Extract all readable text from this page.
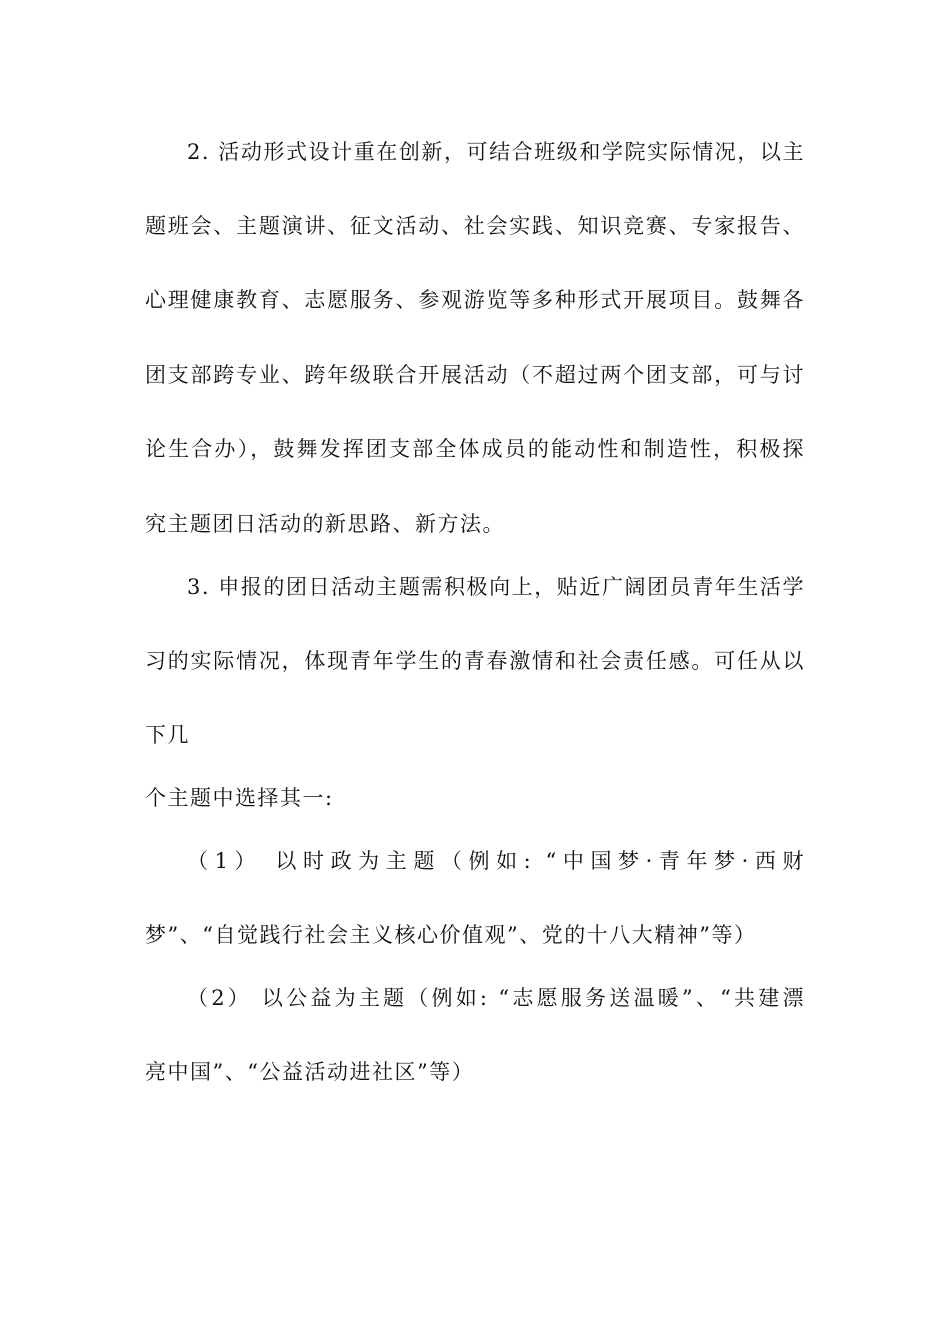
2. 活动形式设计重在创新，可结合班级和学院实际情况，以主
题班会、主题演讲、征文活动、社会实践、知识竞赛、专家报告、
心理健康教育、志愿服务、参观游览等多种形式开展项目。鼓舞各
团支部跨专业、跨年级联合开展活动（不超过两个团支部，可与讨
论生合办），鼓舞发挥团支部全体成员的能动性和制造性，积极探
究主题团日活动的新思路、新方法。
3. 申报的团日活动主题需积极向上，贴近广阔团员青年生活学
习的实际情况，体现青年学生的青春激情和社会责任感。可任从以
下几
个主题中选择其一:
（1） 以时政为主题（例如: “中国梦·青年梦·西财
梦”、“自觉践行社会主义核心价值观”、党的十八大精神”等）
（2） 以公益为主题（例如: “志愿服务送温暖”、“共建漂
亮中国”、“公益活动进社区”等）
